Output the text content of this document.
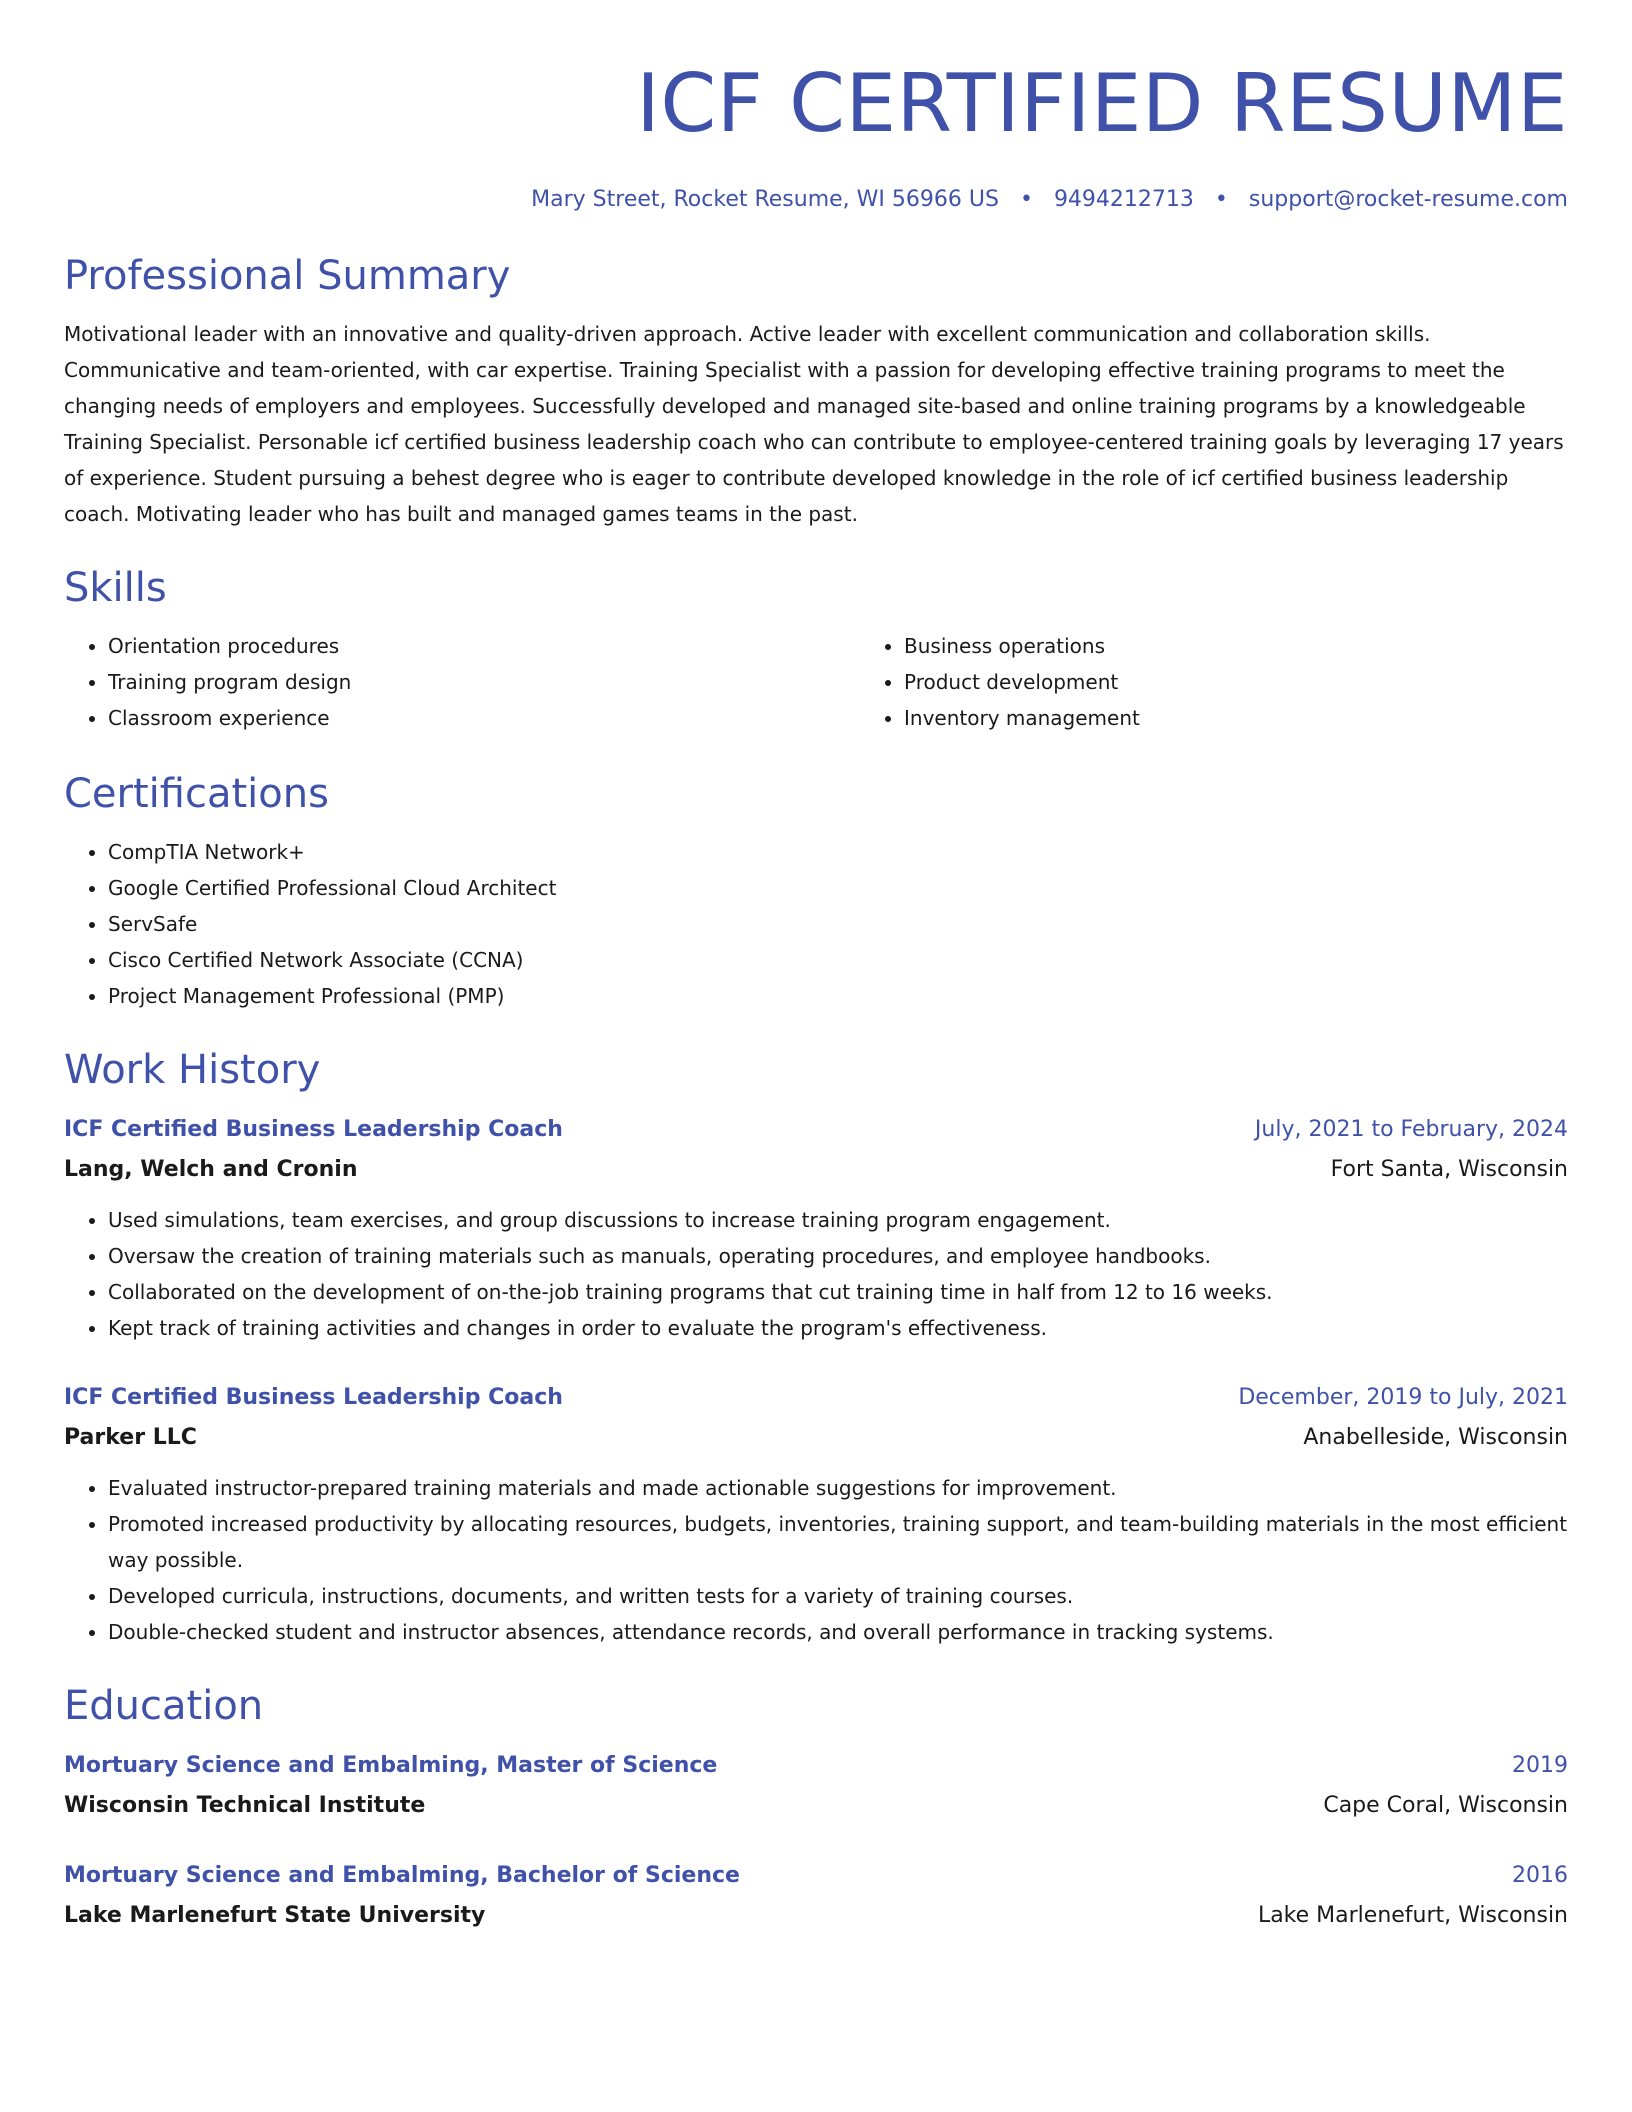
ICF CERTIFIED RESUME
Mary Street, Rocket Resume, WI 56966 US • 9494212713 • support@rocket-resume.com
Professional Summary

Motivational leader with an innovative and quality-driven approach. Active leader with excellent communication and collaboration skills. Communicative and team-oriented, with car expertise. Training Specialist with a passion for developing effective training programs to meet the changing needs of employers and employees. Successfully developed and managed site-based and online training programs by a knowledgeable Training Specialist. Personable icf certified business leadership coach who can contribute to employee-centered training goals by leveraging 17 years of experience. Student pursuing a behest degree who is eager to contribute developed knowledge in the role of icf certified business leadership coach. Motivating leader who has built and managed games teams in the past.

Skills
• Orientation procedures
• Training program design
• Classroom experience
• Business operations
• Product development
• Inventory management
Certifications
• CompTIA Network+
• Google Certified Professional Cloud Architect
• ServSafe
• Cisco Certified Network Associate (CCNA)
• Project Management Professional (PMP)
Work History
ICF Certified Business Leadership Coach	July, 2021 to February, 2024
Lang, Welch and Cronin	Fort Santa, Wisconsin
• Used simulations, team exercises, and group discussions to increase training program engagement.
• Oversaw the creation of training materials such as manuals, operating procedures, and employee handbooks.
• Collaborated on the development of on-the-job training programs that cut training time in half from 12 to 16 weeks.
• Kept track of training activities and changes in order to evaluate the program's effectiveness.
ICF Certified Business Leadership Coach	December, 2019 to July, 2021
Parker LLC	Anabelleside, Wisconsin
• Evaluated instructor-prepared training materials and made actionable suggestions for improvement.
• Promoted increased productivity by allocating resources, budgets, inventories, training support, and team-building materials in the most efficient way possible.
• Developed curricula, instructions, documents, and written tests for a variety of training courses.
• Double-checked student and instructor absences, attendance records, and overall performance in tracking systems.
Education
Mortuary Science and Embalming, Master of Science	2019
Wisconsin Technical Institute	Cape Coral, Wisconsin
Mortuary Science and Embalming, Bachelor of Science	2016
Lake Marlenefurt State University	Lake Marlenefurt, Wisconsin
